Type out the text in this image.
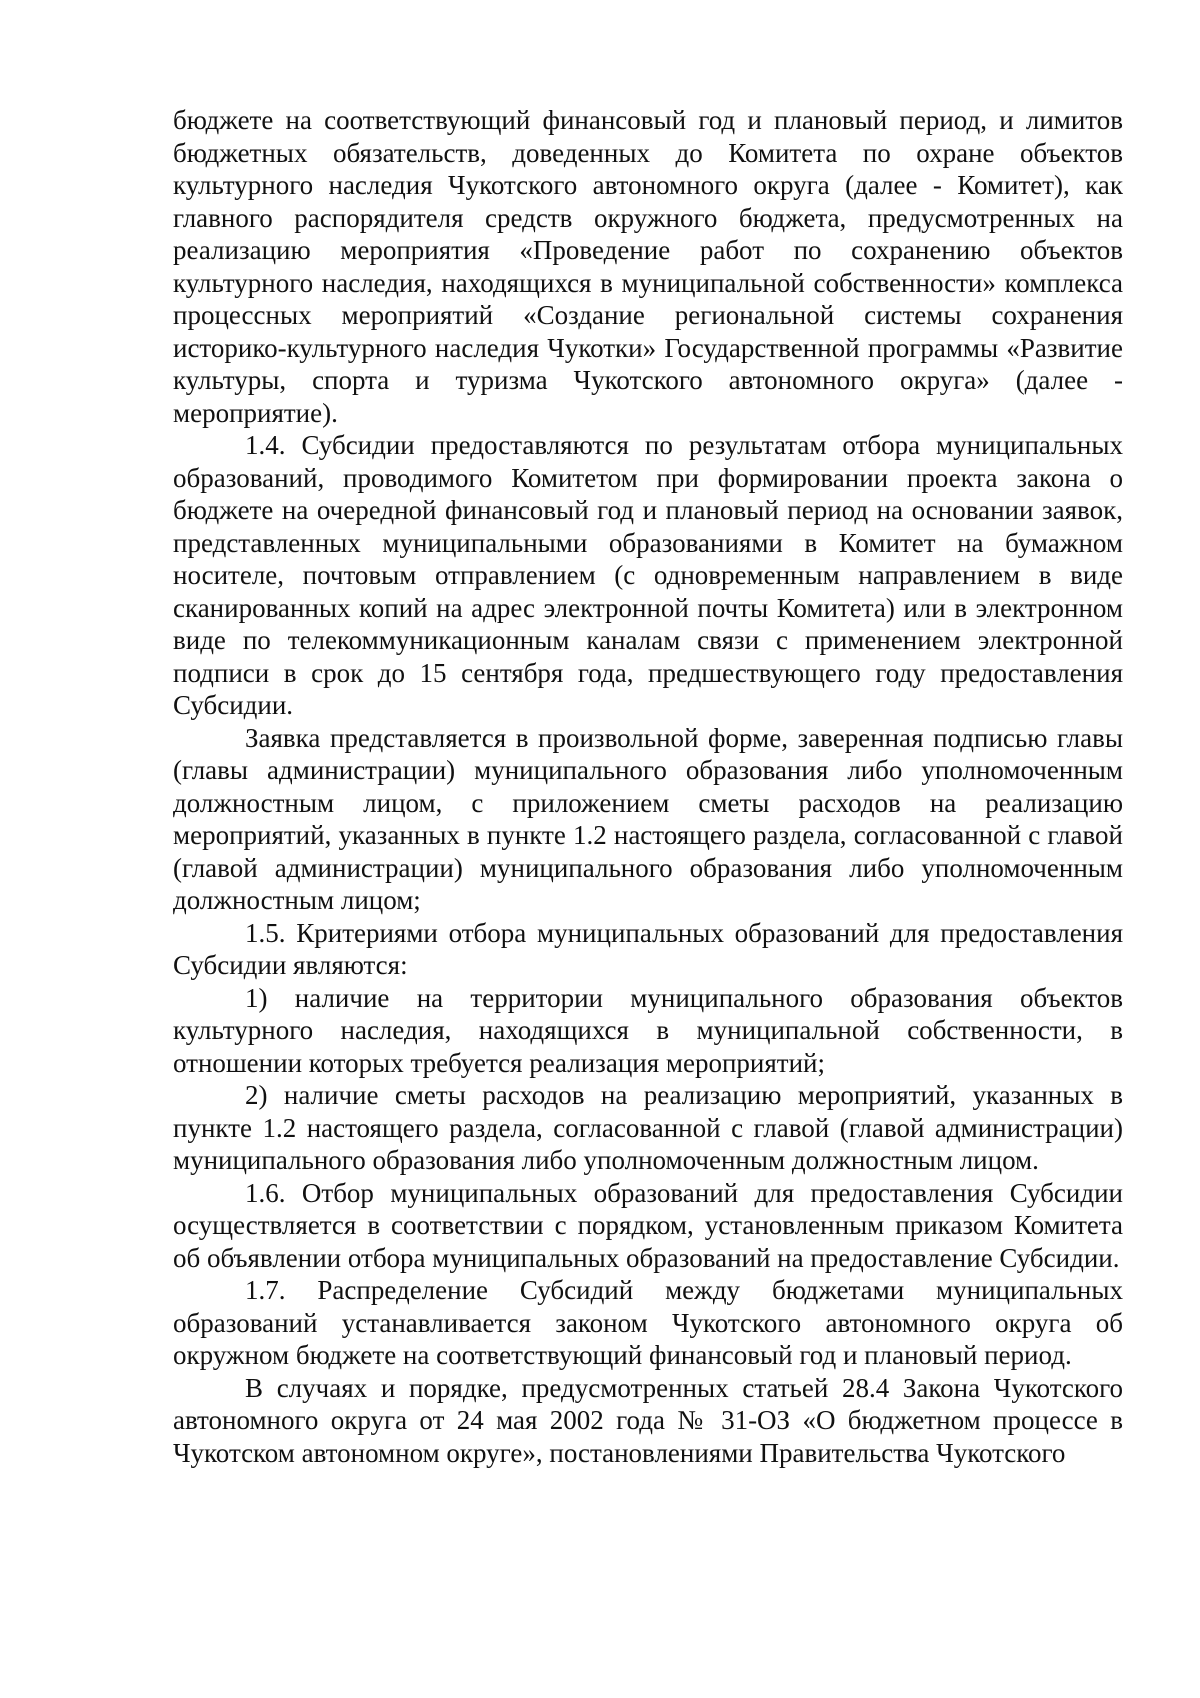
бюджете на соответствующий финансовый год и плановый период, и лимитов бюджетных обязательств, доведенных до Комитета по охране объектов культурного наследия Чукотского автономного округа (далее - Комитет), как главного распорядителя средств окружного бюджета, предусмотренных на реализацию мероприятия «Проведение работ по сохранению объектов культурного наследия, находящихся в муниципальной собственности» комплекса процессных мероприятий «Создание региональной системы сохранения историко-культурного наследия Чукотки» Государственной программы «Развитие культуры, спорта и туризма Чукотского автономного округа» (далее - мероприятие).

1.4. Субсидии предоставляются по результатам отбора муниципальных образований, проводимого Комитетом при формировании проекта закона о бюджете на очередной финансовый год и плановый период на основании заявок, представленных муниципальными образованиями в Комитет на бумажном носителе, почтовым отправлением (с одновременным направлением в виде сканированных копий на адрес электронной почты Комитета) или в электронном виде по телекоммуникационным каналам связи с применением электронной подписи в срок до 15 сентября года, предшествующего году предоставления Субсидии.

Заявка представляется в произвольной форме, заверенная подписью главы (главы администрации) муниципального образования либо уполномоченным должностным лицом, с приложением сметы расходов на реализацию мероприятий, указанных в пункте 1.2 настоящего раздела, согласованной с главой (главой администрации) муниципального образования либо уполномоченным должностным лицом;

1.5. Критериями отбора муниципальных образований для предоставления Субсидии являются:

1) наличие на территории муниципального образования объектов культурного наследия, находящихся в муниципальной собственности, в отношении которых требуется реализация мероприятий;

2) наличие сметы расходов на реализацию мероприятий, указанных в пункте 1.2 настоящего раздела, согласованной с главой (главой администрации) муниципального образования либо уполномоченным должностным лицом.

1.6. Отбор муниципальных образований для предоставления Субсидии осуществляется в соответствии с порядком, установленным приказом Комитета об объявлении отбора муниципальных образований на предоставление Субсидии.

1.7. Распределение Субсидий между бюджетами муниципальных образований устанавливается законом Чукотского автономного округа об окружном бюджете на соответствующий финансовый год и плановый период.

В случаях и порядке, предусмотренных статьей 28.4 Закона Чукотского автономного округа от 24 мая 2002 года № 31-ОЗ «О бюджетном процессе в Чукотском автономном округе», постановлениями Правительства Чукотского
